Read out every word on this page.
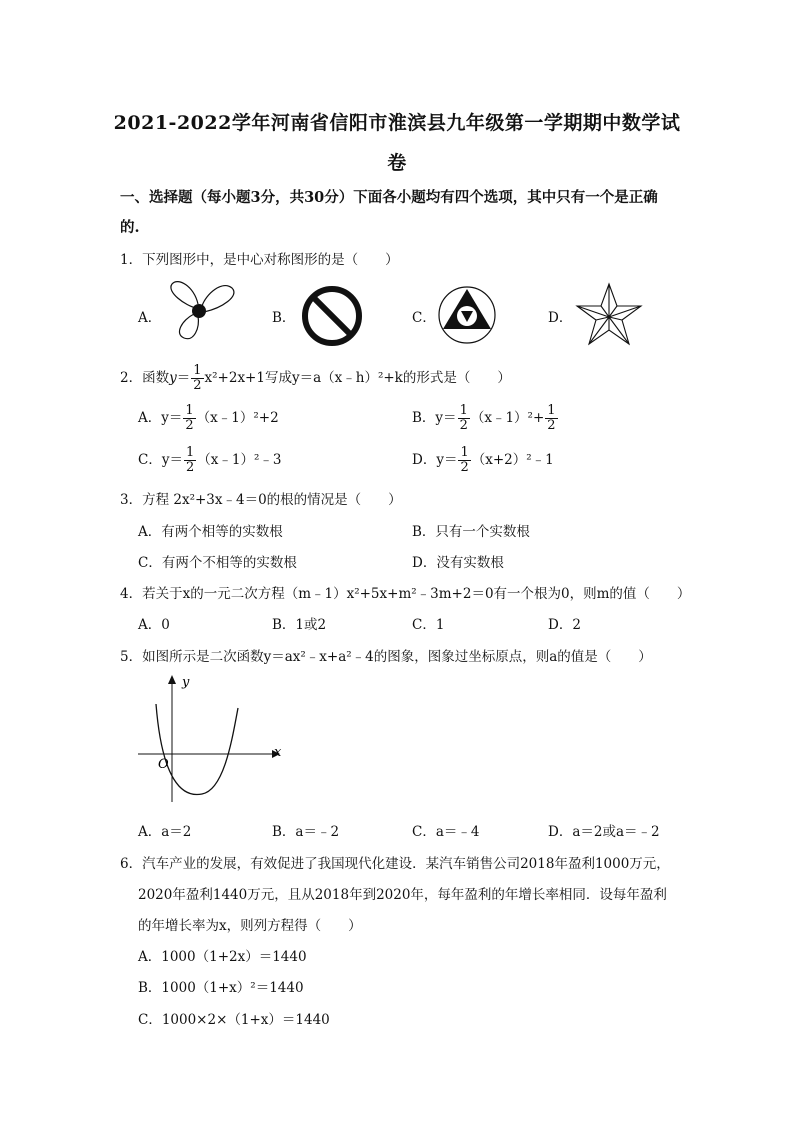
2021-2022学年河南省信阳市淮滨县九年级第一学期期中数学试
卷
一、选择题（每小题3分，共30分）下面各小题均有四个选项，其中只有一个是正确
的.
1．下列图形中，是中心对称图形的是（　　）
A．	B．	C．	D．
2．函数$y= \frac{1}{2} x^2+2x+1$写成y＝a（x﹣h）²+k的形式是（　　）
A．$y= \frac{1}{2}$ （x﹣1）²+2	B．$y= \frac{1}{2}$ （x﹣1）²+ $\frac{1}{2}$
C．$y= \frac{1}{2}$ （x﹣1）²﹣3	D．$y= \frac{1}{2}$ （x+2）²﹣1
3．方程 2x²+3x﹣4＝0的根的情况是（　　）
A．有两个相等的实数根	B．只有一个实数根
C．有两个不相等的实数根	D．没有实数根
4．若关于x的一元二次方程（m﹣1）x²+5x+m²﹣3m+2＝0有一个根为0，则m的值（　　）
A．0	B．1或2	C．1	D．2
5．如图所示是二次函数y＝ax²﹣x+a²﹣4的图象，图象过坐标原点，则a的值是（　　）
y
x
O
A．a＝2	B．a＝﹣2	C．a＝﹣4	D．a＝2或a＝﹣2
6．汽车产业的发展，有效促进了我国现代化建设．某汽车销售公司2018年盈利1000万元，
2020年盈利1440万元，且从2018年到2020年，每年盈利的年增长率相同．设每年盈利
的年增长率为x，则列方程得（　　）
A．1000（1+2x）＝1440
B．1000（1+x）²＝1440
C．1000×2×（1+x）＝1440
